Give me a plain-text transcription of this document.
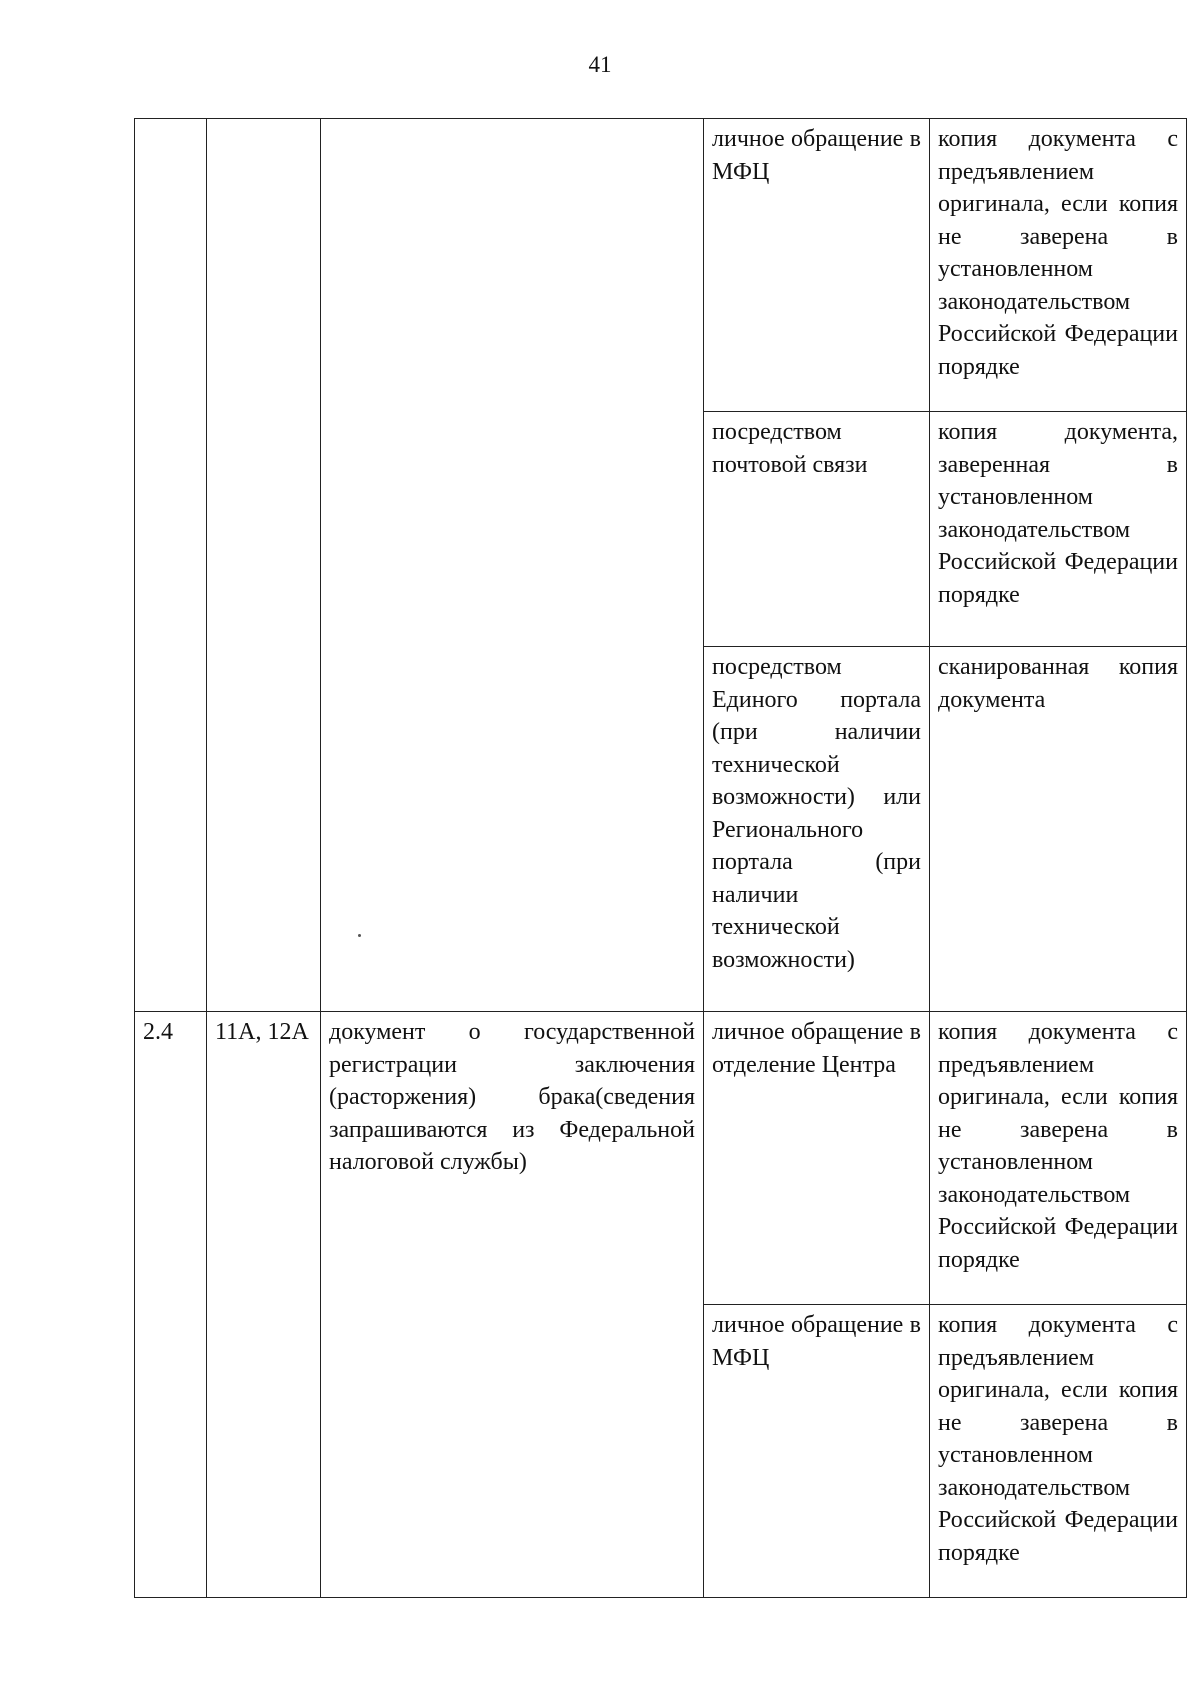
41
			личное обращение в МФЦ	копия документа с предъявлением оригинала, если копия не заверена в установленном законодательством Российской Федерации порядке
			посредством почтовой связи	копия документа, заверенная в установленном законодательством Российской Федерации порядке
			посредством Единого портала (при наличии технической возможности) или Регионального портала (при наличии технической возможности)	сканированная копия документа
2.4	11А, 12А	документ о государственной регистрации заключения (расторжения) брака(сведения запрашиваются из Федеральной налоговой службы)	личное обращение в отделение Центра	копия документа с предъявлением оригинала, если копия не заверена в установленном законодательством Российской Федерации порядке
			личное обращение в МФЦ	копия документа с предъявлением оригинала, если копия не заверена в установленном законодательством Российской Федерации порядке
